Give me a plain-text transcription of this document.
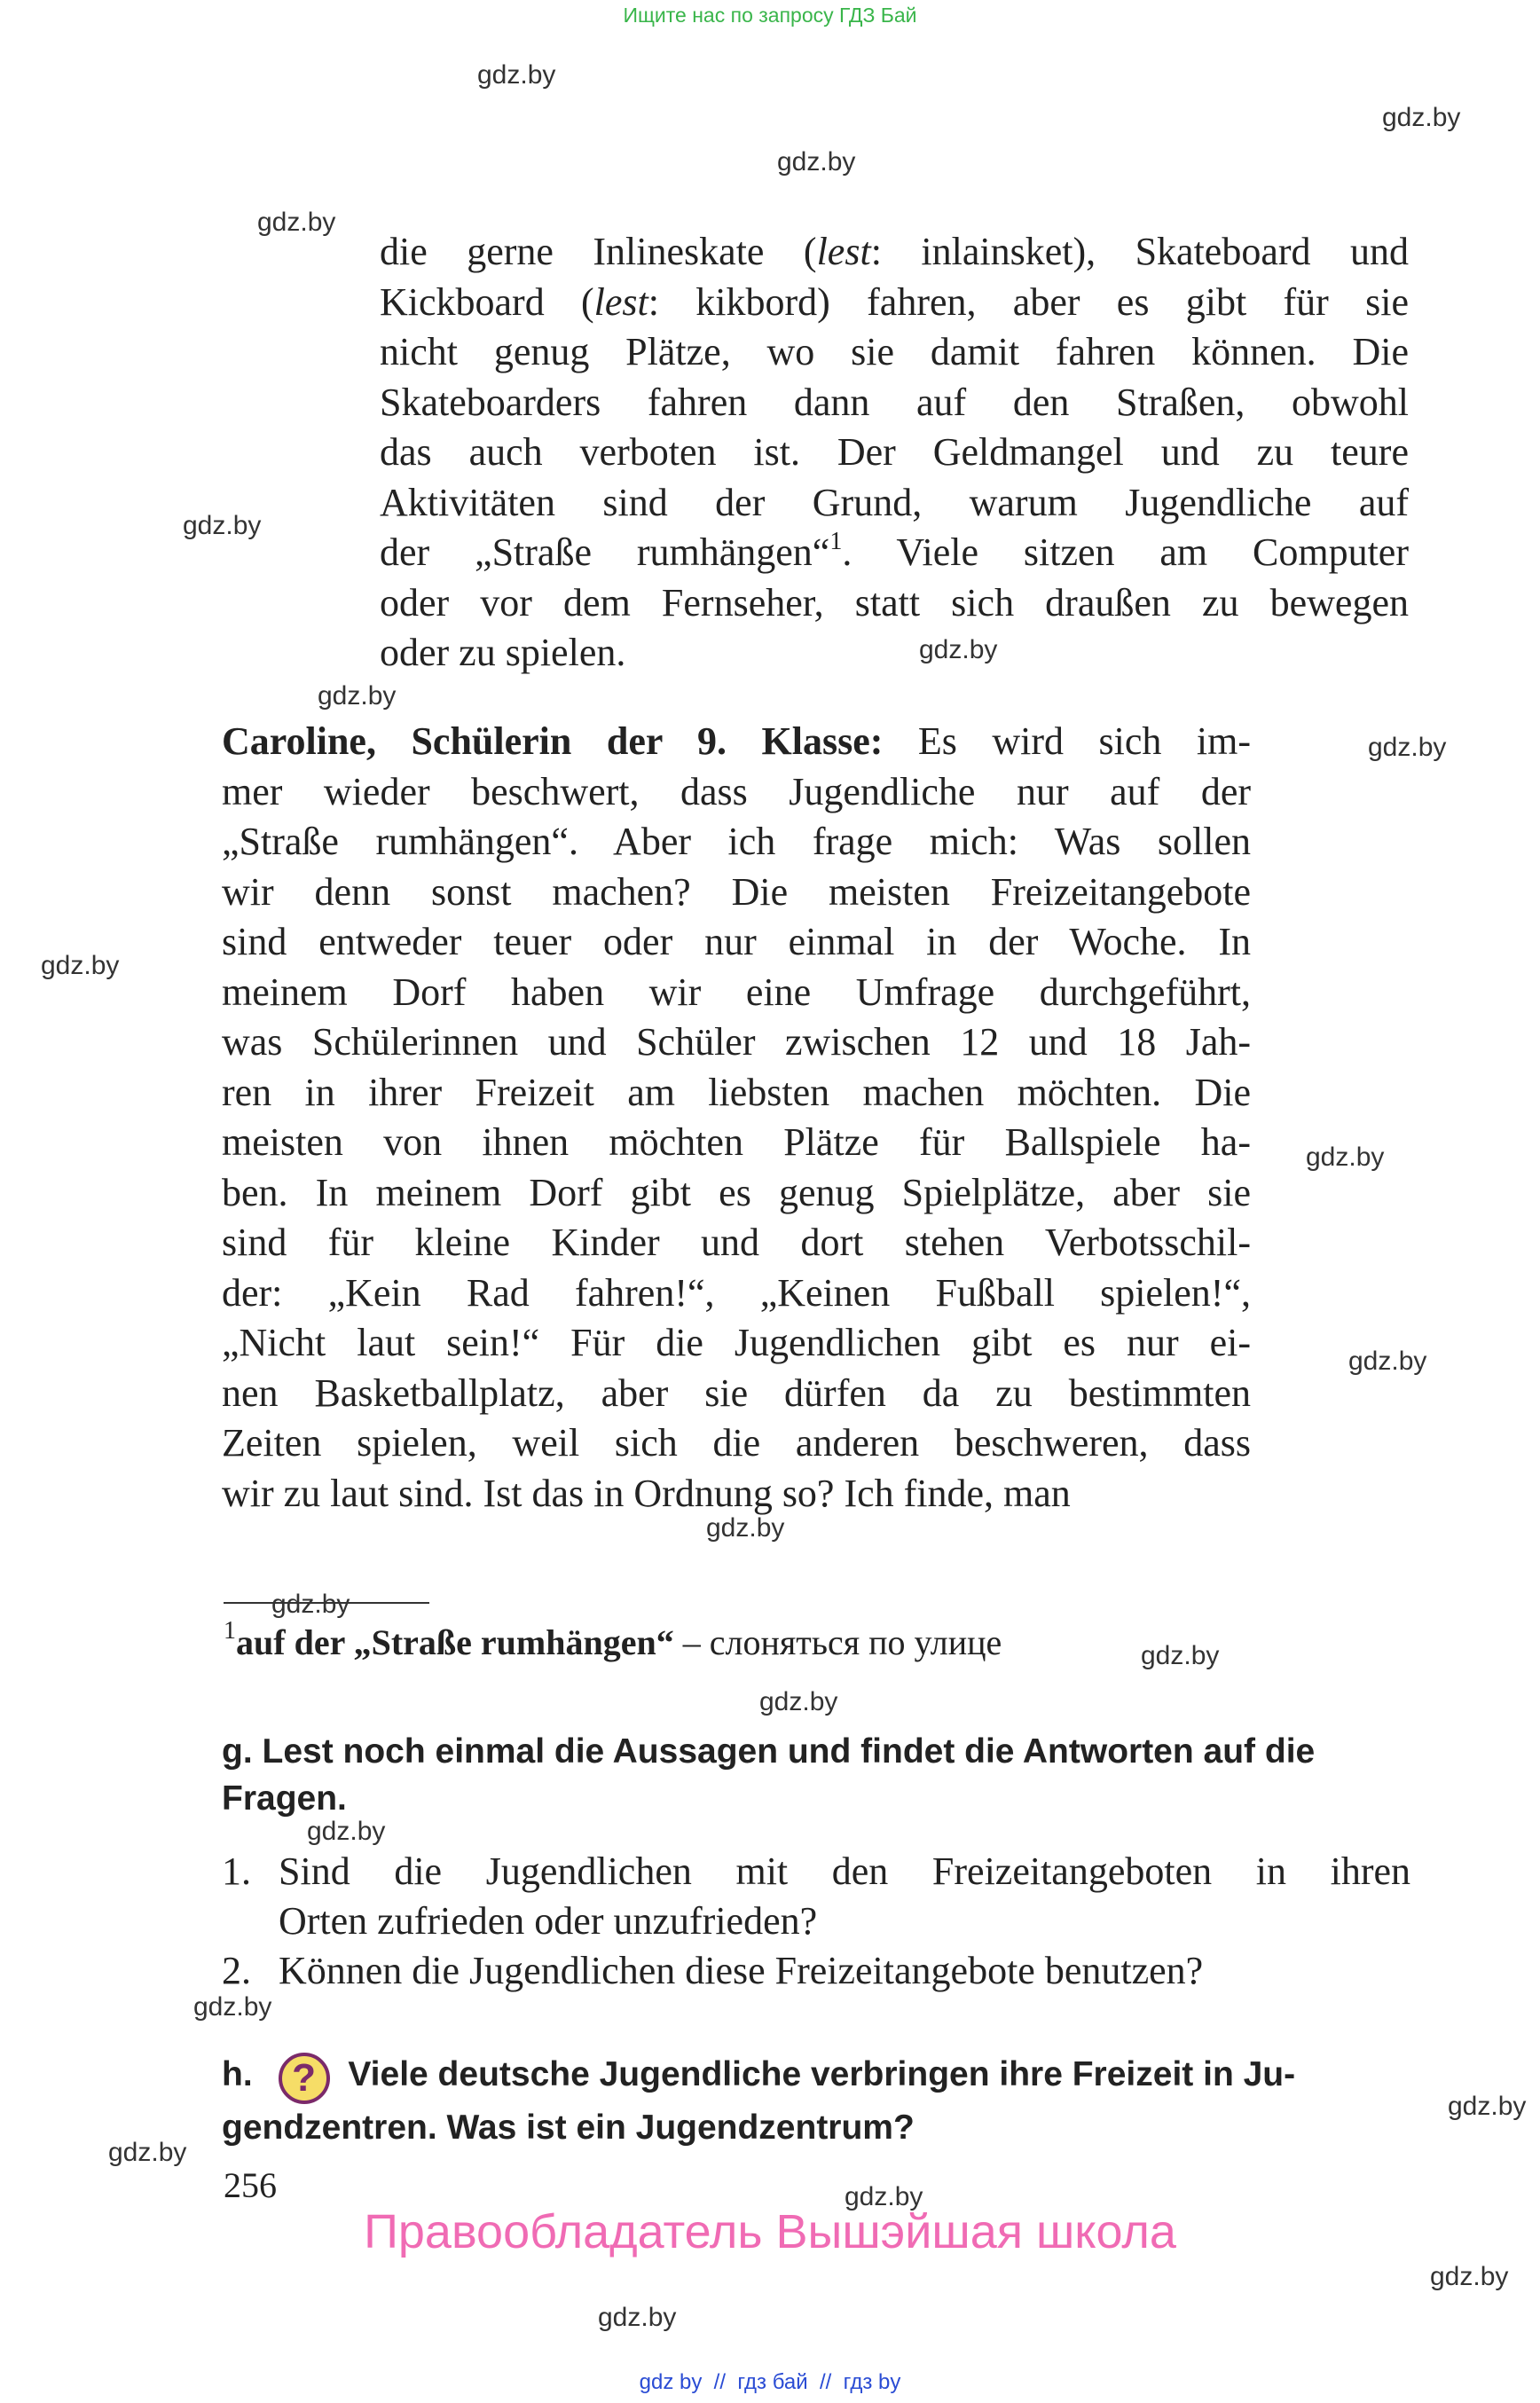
Ищите нас по запросу ГДЗ Бай
gdz.by
gdz.by
gdz.by
gdz.by
gdz.by
gdz.by
gdz.by
gdz.by
gdz.by
gdz.by
gdz.by
gdz.by
gdz.by
gdz.by
gdz.by
gdz.by
gdz.by
gdz.by
gdz.by
gdz.by
gdz.by
gdz.by
die gerne Inlineskate (lest: inlainsket), Skateboard und
Kickboard (lest: kikbord) fahren, aber es gibt für sie
nicht genug Plätze, wo sie damit fahren können. Die
Skateboarders fahren dann auf den Straßen, obwohl
das auch verboten ist. Der Geldmangel und zu teure
Aktivitäten sind der Grund, warum Jugendliche auf
der „Straße rumhängen“$^1$. Viele sitzen am Computer
oder vor dem Fernseher, statt sich draußen zu bewegen
oder zu spielen.
Caroline, Schülerin der 9. Klasse: Es wird sich im-
mer wieder beschwert, dass Jugendliche nur auf der
„Straße rumhängen“. Aber ich frage mich: Was sollen
wir denn sonst machen? Die meisten Freizeitangebote
sind entweder teuer oder nur einmal in der Woche. In
meinem Dorf haben wir eine Umfrage durchgeführt,
was Schülerinnen und Schüler zwischen 12 und 18 Jah-
ren in ihrer Freizeit am liebsten machen möchten. Die
meisten von ihnen möchten Plätze für Ballspiele ha-
ben. In meinem Dorf gibt es genug Spielplätze, aber sie
sind für kleine Kinder und dort stehen Verbotsschil-
der: „Kein Rad fahren!“, „Keinen Fußball spielen!“,
„Nicht laut sein!“ Für die Jugendlichen gibt es nur ei-
nen Basketballplatz, aber sie dürfen da zu bestimmten
Zeiten spielen, weil sich die anderen beschweren, dass
wir zu laut sind. Ist das in Ordnung so? Ich finde, man
$^1$auf der „Straße rumhängen“ – слоняться по улице
g. Lest noch einmal die Aussagen und findet die Antworten auf die
Fragen.
1. Sind die Jugendlichen mit den Freizeitangeboten in ihren
Orten zufrieden oder unzufrieden?
2. Können die Jugendlichen diese Freizeitangebote benutzen?
h. ? Viele deutsche Jugendliche verbringen ihre Freizeit in Ju-
gendzentren. Was ist ein Jugendzentrum?
256
Правообладатель Вышэйшая школа
gdz by  //  гдз бай  //  гдз by
